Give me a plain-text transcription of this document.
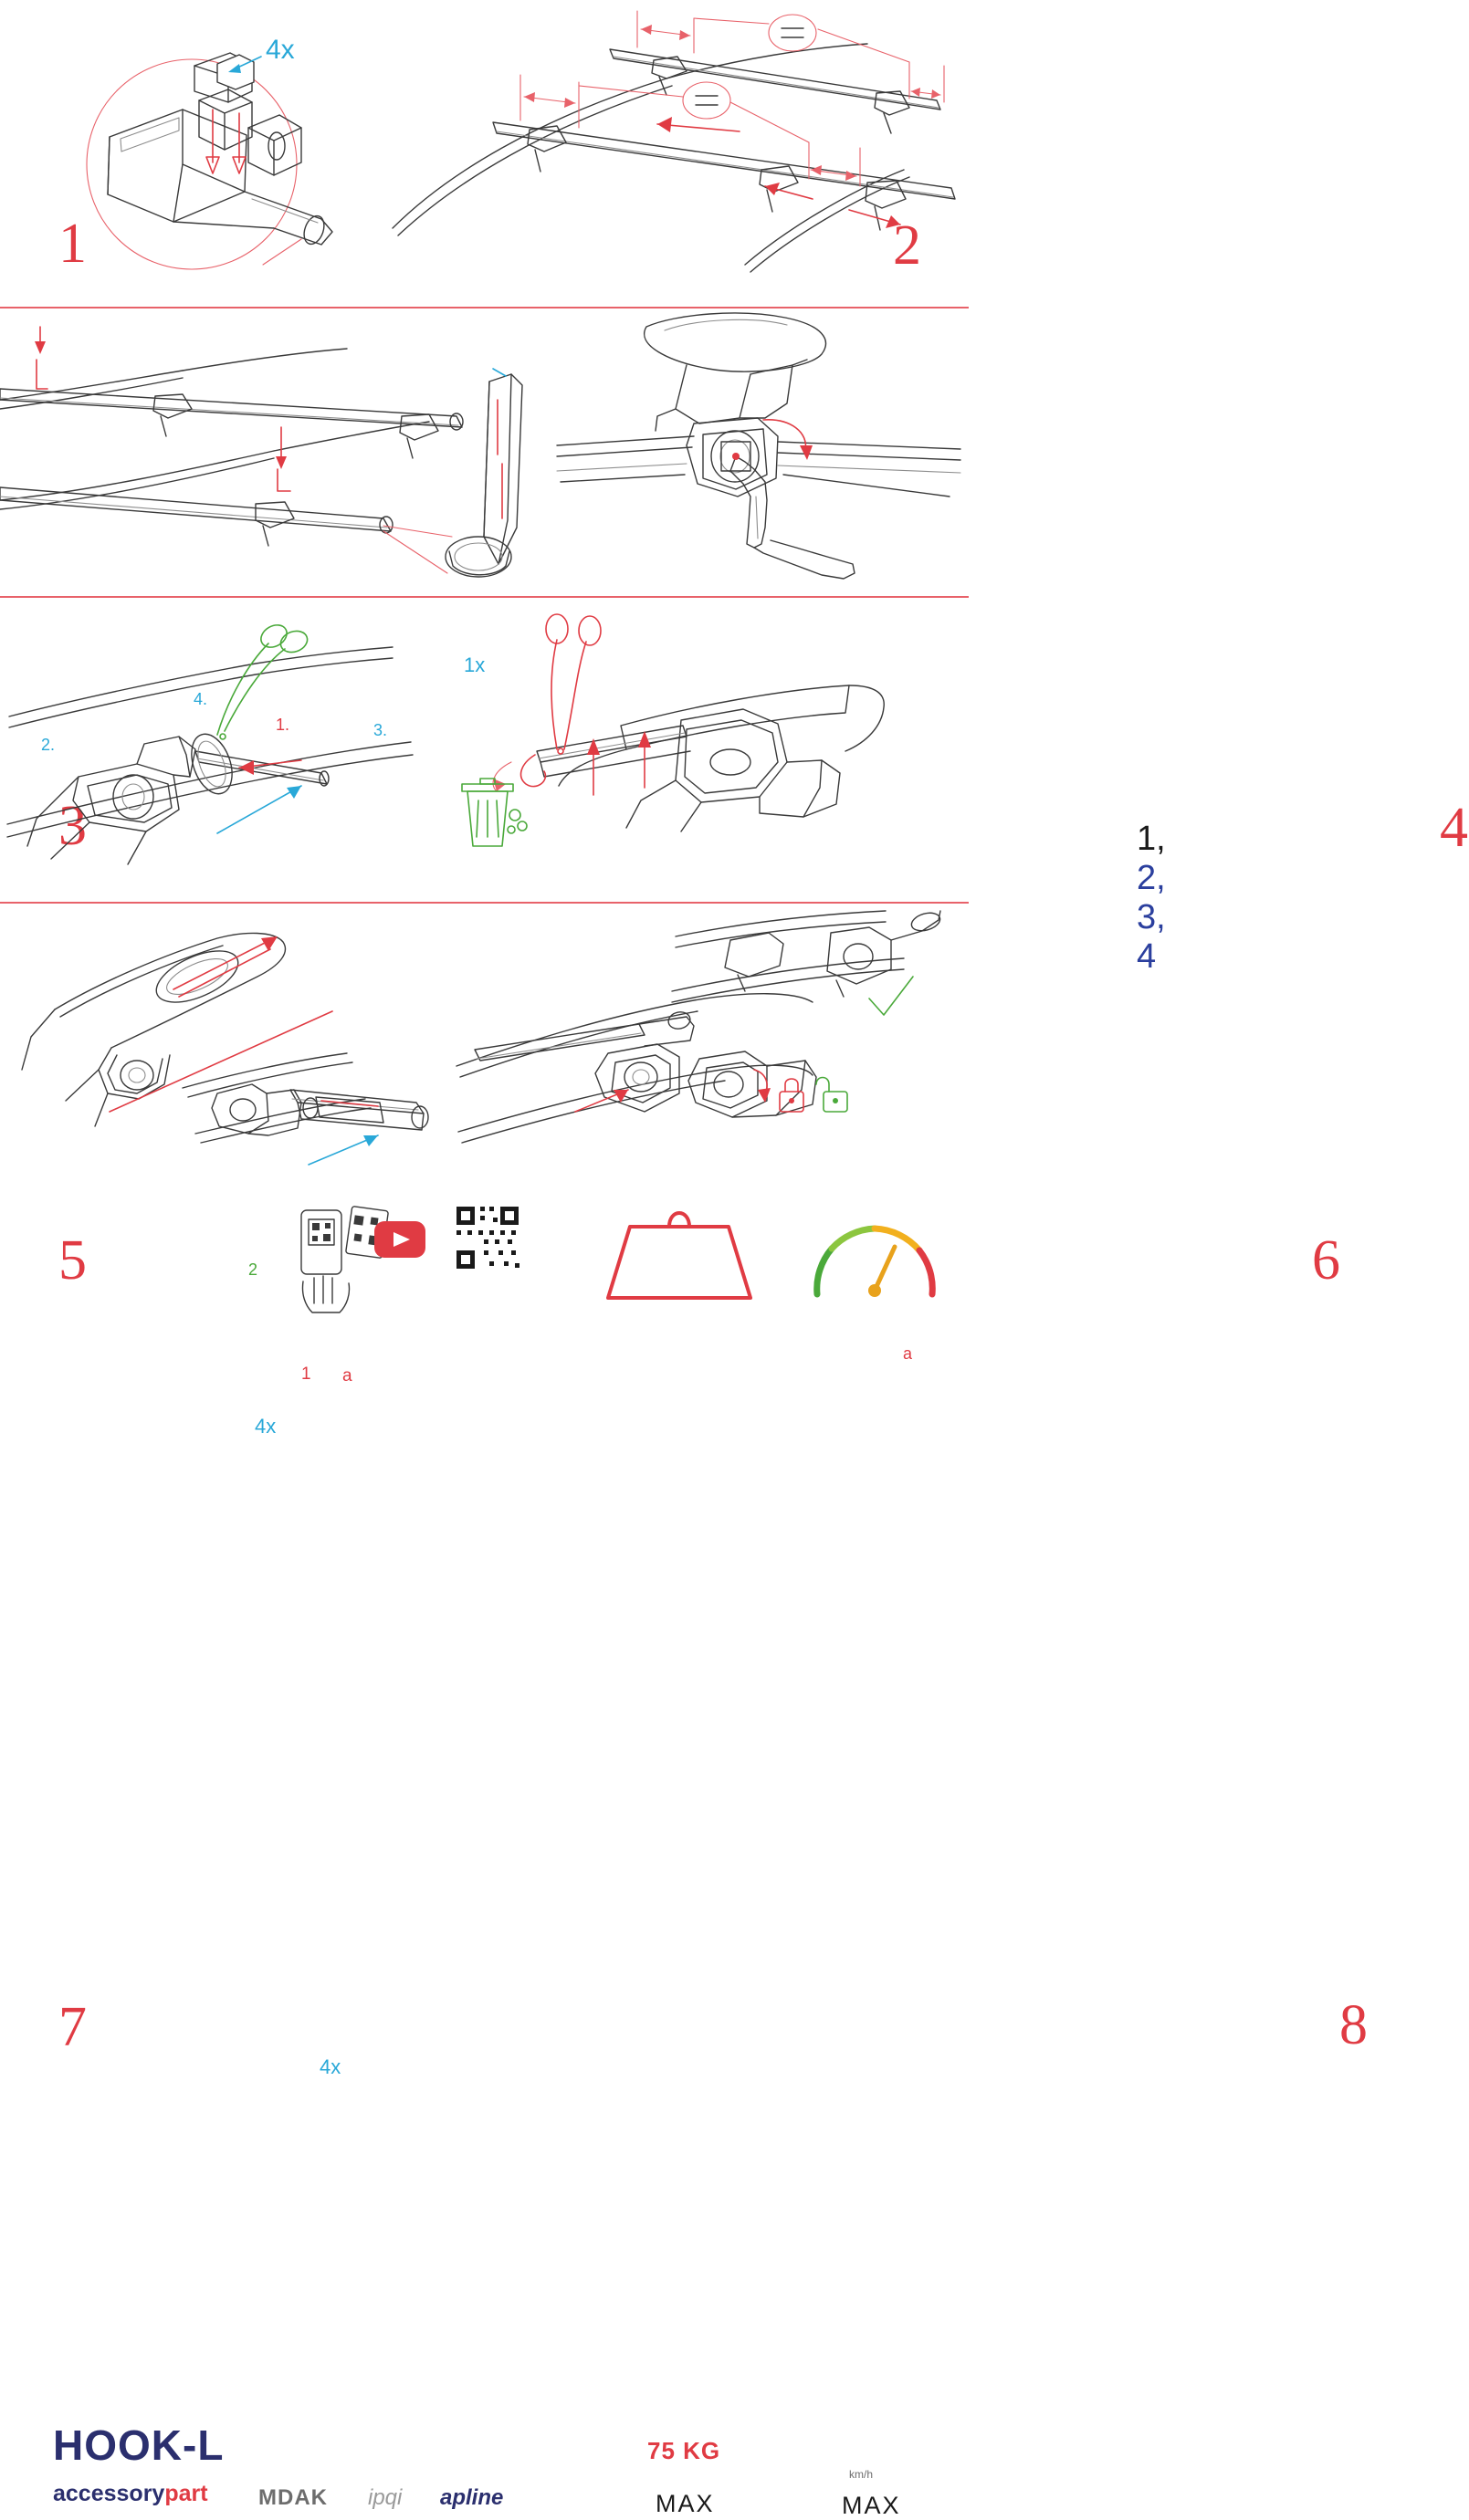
4x
1	2
4.
3.
2.
1.
1x
3	1, 2, 3, 4
4
5	2
1 a
4x
a
6
7
4x
8
HOOK-L
accessorypart MDAK ipqi apline
75 KG
MAX	MAX
km/h
